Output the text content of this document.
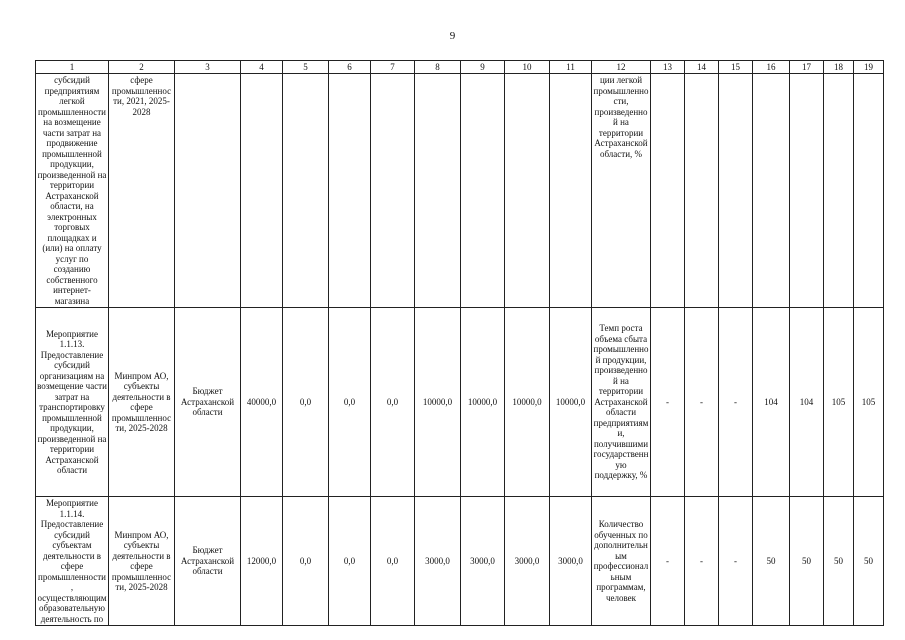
9
1	2	3	4	5	6	7	8	9	10	11	12	13	14	15	16	17	18	19
субсидий предприятиям легкой промышленности на возмещение части затрат на продвижение промышленной продукции, произведенной на территории Астраханской области, на электронных торговых площадках и (или) на оплату услуг по созданию собственного интернет-магазина	сфере промышленности, 2021, 2025-2028										ции легкой промышленности, произведенной на территории Астраханской области, %							
Мероприятие 1.1.13. Предоставление субсидий организациям на возмещение части затрат на транспортировку промышленной продукции, произведенной на территории Астраханской области	Минпром АО, субъекты деятельности в сфере промышленности, 2025-2028	Бюджет Астраханской области	40000,0	0,0	0,0	0,0	10000,0	10000,0	10000,0	10000,0	Темп роста объема сбыта промышленной продукции, произведенной на территории Астраханской области предприятиями, получившими государственную поддержку, %	-	-	-	104	104	105	105
Мероприятие 1.1.14. Предоставление субсидий субъектам деятельности в сфере промышленности, осуществляющим образовательную деятельность по	Минпром АО, субъекты деятельности в сфере промышленности, 2025-2028	Бюджет Астраханской области	12000,0	0,0	0,0	0,0	3000,0	3000,0	3000,0	3000,0	Количество обученных по дополнительным профессиональным программам, человек	-	-	-	50	50	50	50
